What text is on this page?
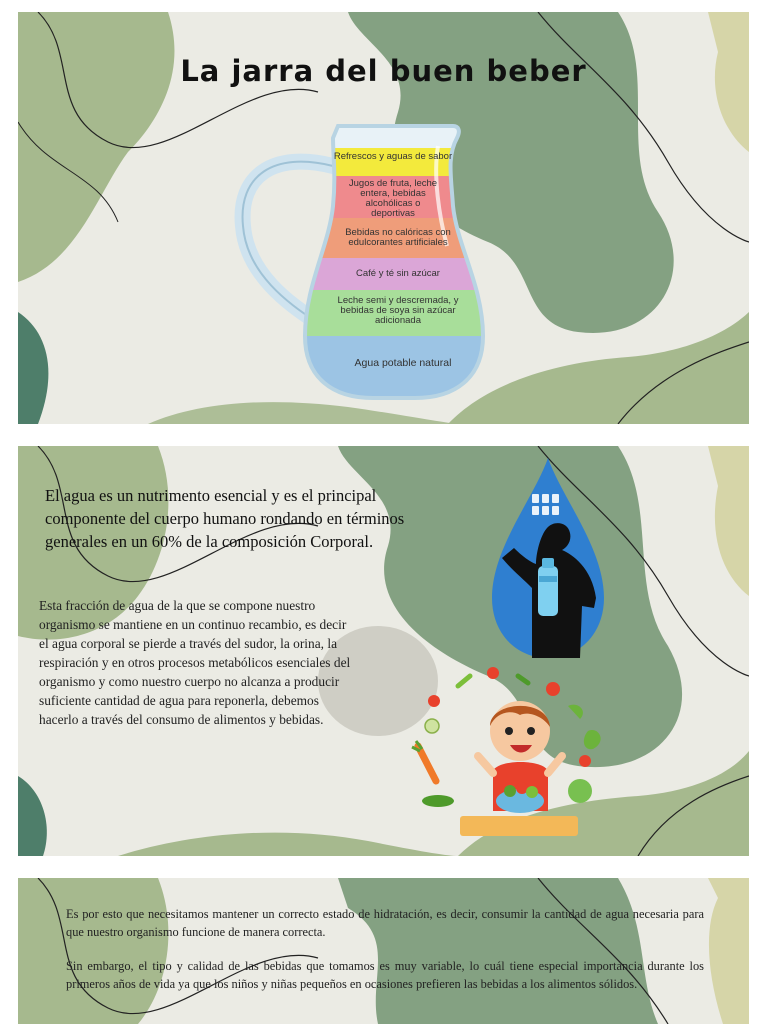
La jarra del buen beber
Refrescos y aguas de sabor
Jugos de fruta, leche entera, bebidas alcohólicas o deportivas
Bebidas no calóricas con edulcorantes artificiales
Café y té sin azúcar
Leche semi y descremada, y bebidas de soya sin azúcar adicionada
Agua potable natural
El agua es un nutrimento esencial y es el principal componente del cuerpo humano rondando en términos generales en un 60% de la composición Corporal.
Esta fracción de agua de la que se compone nuestro organismo se mantiene en un continuo recambio, es decir el agua corporal se pierde a través del sudor, la orina, la respiración y en otros procesos metabólicos esenciales del organismo y como nuestro cuerpo no alcanza a producir suficiente cantidad de agua para reponerla, debemos hacerlo a través del consumo de alimentos y bebidas.
Es por esto que necesitamos mantener un correcto estado de hidratación, es decir, consumir la cantidad de agua necesaria para que nuestro organismo funcione de manera correcta.
Sin embargo, el tipo y calidad de las bebidas que tomamos es muy variable, lo cuál tiene especial importancia durante los primeros años de vida ya que los niños y niñas pequeños en ocasiones prefieren las bebidas a los alimentos sólidos.
